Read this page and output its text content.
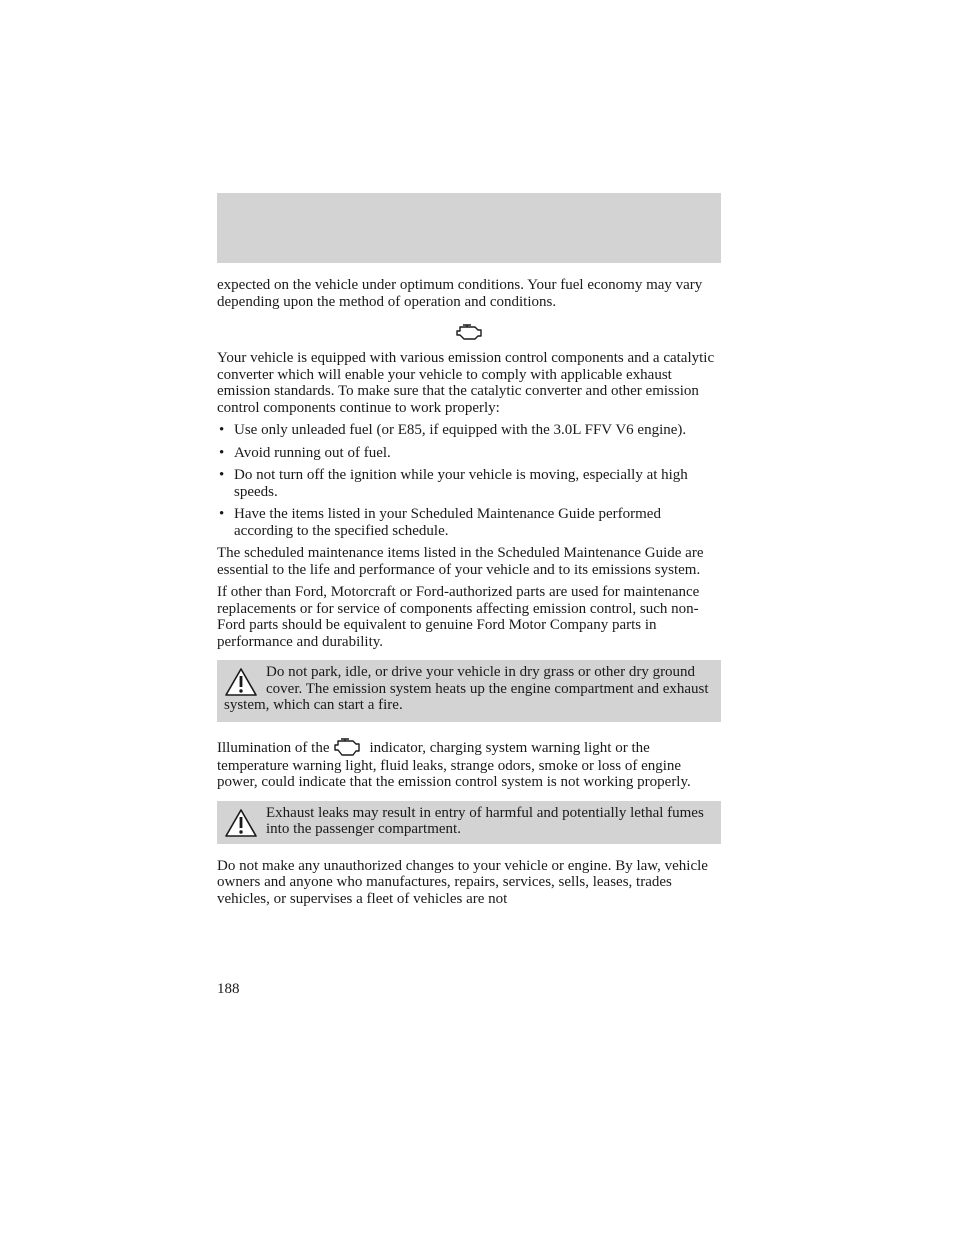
expected on the vehicle under optimum conditions. Your fuel economy may vary depending upon the method of operation and conditions.

Your vehicle is equipped with various emission control components and a catalytic converter which will enable your vehicle to comply with applicable exhaust emission standards. To make sure that the catalytic converter and other emission control components continue to work properly:

• Use only unleaded fuel (or E85, if equipped with the 3.0L FFV V6 engine).
• Avoid running out of fuel.
• Do not turn off the ignition while your vehicle is moving, especially at high speeds.
• Have the items listed in your Scheduled Maintenance Guide performed according to the specified schedule.

The scheduled maintenance items listed in the Scheduled Maintenance Guide are essential to the life and performance of your vehicle and to its emissions system.

If other than Ford, Motorcraft or Ford-authorized parts are used for maintenance replacements or for service of components affecting emission control, such non-Ford parts should be equivalent to genuine Ford Motor Company parts in performance and durability.

Do not park, idle, or drive your vehicle in dry grass or other dry ground cover. The emission system heats up the engine compartment and exhaust system, which can start a fire.

Illumination of the	indicator, charging system warning light or the temperature warning light, fluid leaks, strange odors, smoke or loss of engine power, could indicate that the emission control system is not working properly.

Exhaust leaks may result in entry of harmful and potentially lethal fumes into the passenger compartment.

Do not make any unauthorized changes to your vehicle or engine. By law, vehicle owners and anyone who manufactures, repairs, services, sells, leases, trades vehicles, or supervises a fleet of vehicles are not

188
